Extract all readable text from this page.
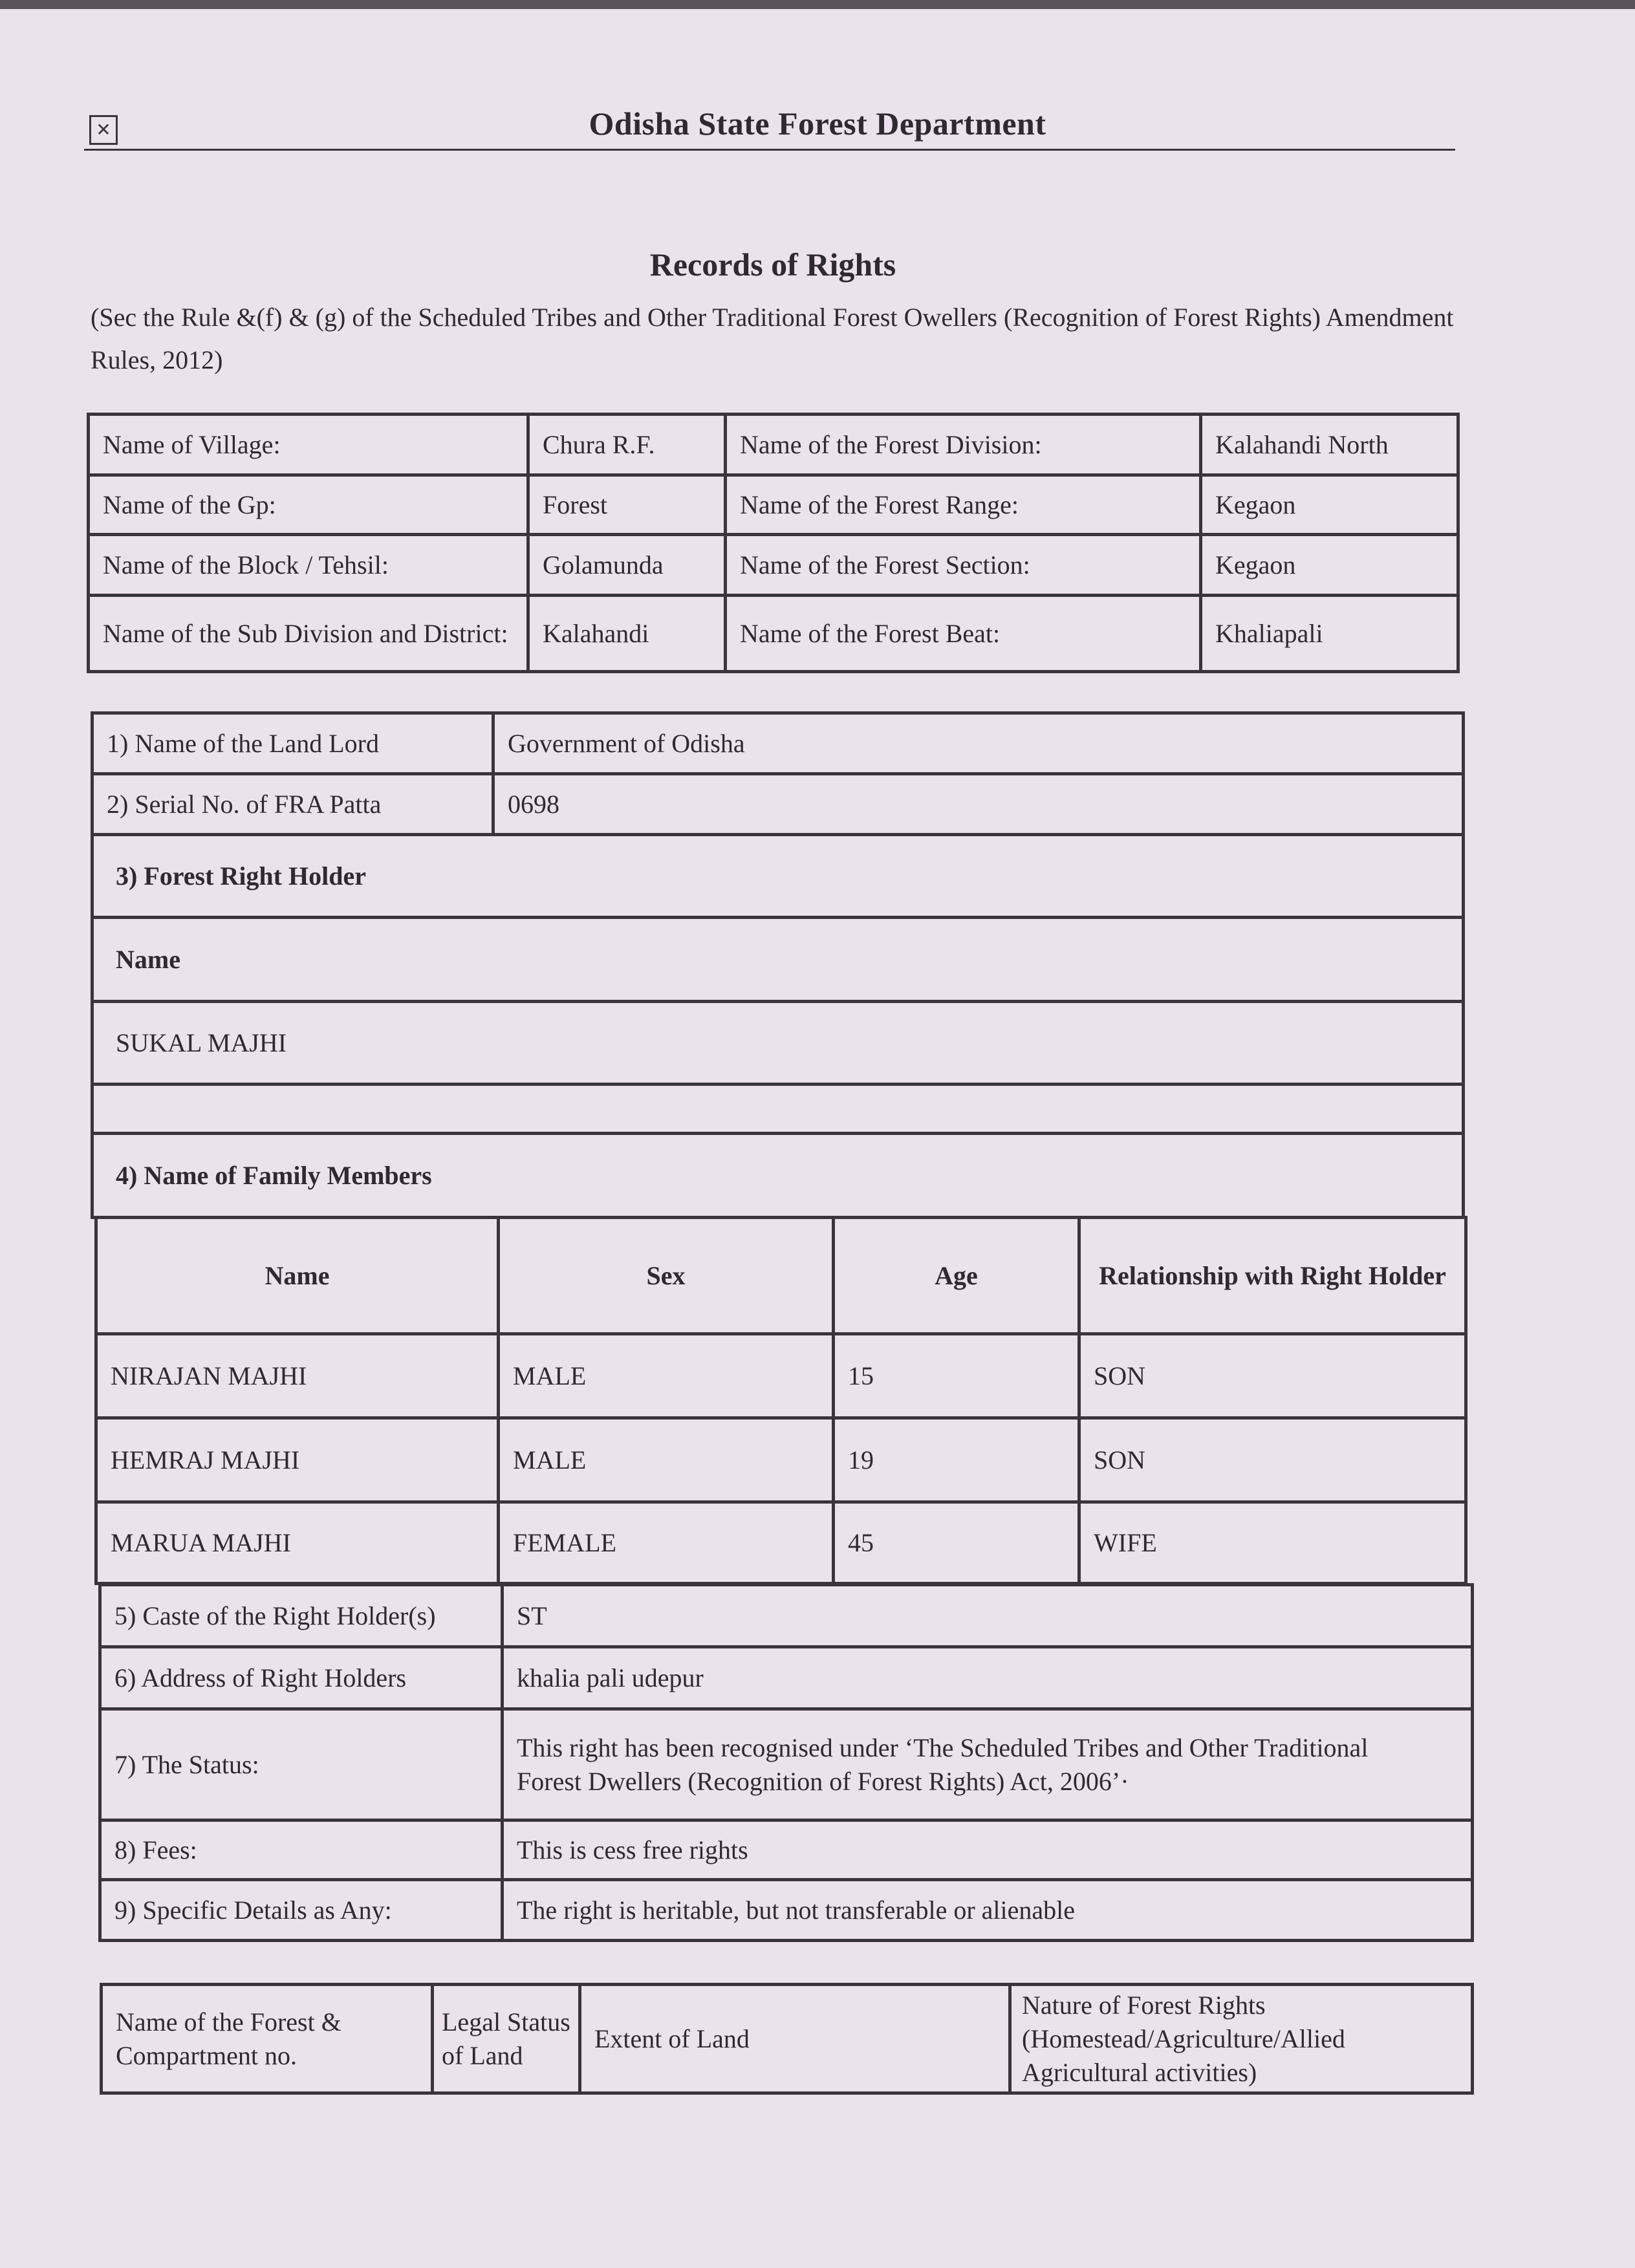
✕	Odisha State Forest Department
Records of Rights
(Sec the Rule &(f) & (g) of the Scheduled Tribes and Other Traditional Forest Owellers (Recognition of Forest Rights) Amendment Rules, 2012)
Name of Village:	Chura R.F.	Name of the Forest Division:	Kalahandi North
Name of the Gp:	Forest	Name of the Forest Range:	Kegaon
Name of the Block / Tehsil:	Golamunda	Name of the Forest Section:	Kegaon
Name of the Sub Division and District:	Kalahandi	Name of the Forest Beat:	Khaliapali
1) Name of the Land Lord	Government of Odisha
2) Serial No. of FRA Patta	0698
3) Forest Right Holder	
Name	
SUKAL MAJHI	

4) Name of Family Members	
Name	Sex	Age	Relationship with Right Holder
NIRAJAN MAJHI	MALE	15	SON
HEMRAJ MAJHI	MALE	19	SON
MARUA MAJHI	FEMALE	45	WIFE
5) Caste of the Right Holder(s)	ST
6) Address of Right Holders	khalia pali udepur
7) The Status:	This right has been recognised under ‘The Scheduled Tribes and Other Traditional
Forest Dwellers (Recognition of Forest Rights) Act, 2006’·
8) Fees:	This is cess free rights
9) Specific Details as Any:	The right is heritable, but not transferable or alienable
Name of the Forest & Compartment no.	Legal Status of Land	Extent of Land	Nature of Forest Rights (Homestead/Agriculture/Allied Agricultural activities)
